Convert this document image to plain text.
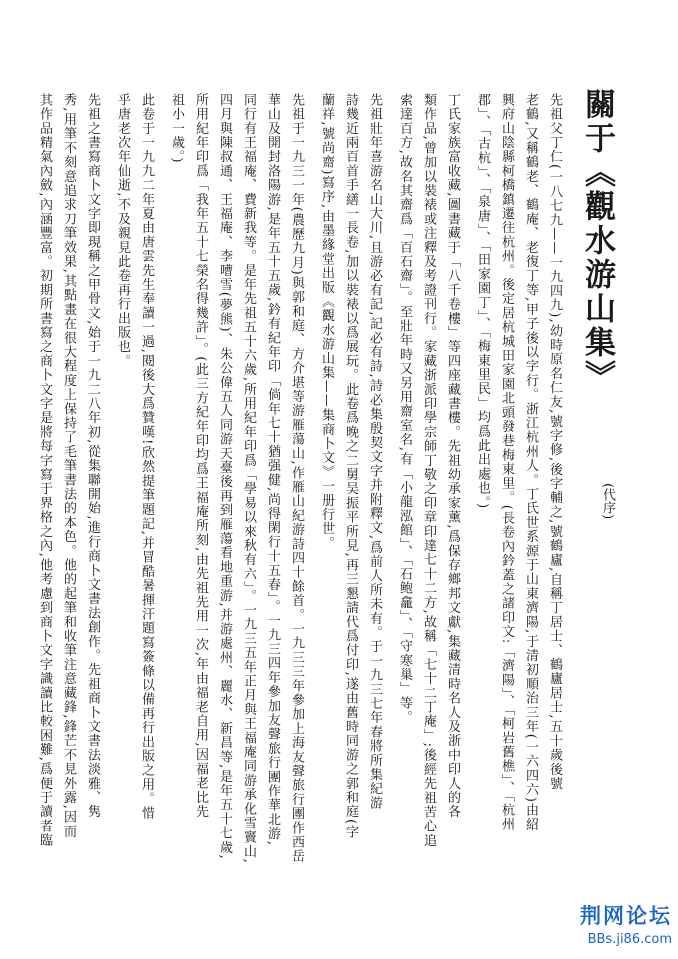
關于《觀水游山集》
(代序)
先祖父丁仁(一八七九——一九四九),幼時原名仁友,號字修,後字輔之,號鶴廬,自稱丁居士、鶴廬居士,五十歲後號
老鶴,又稱鶴老、鶴庵、老復丁等,甲子後以字行。浙江杭州人。丁氏世系源于山東濟陽,于清初順治三年(一六四六)由紹
興府山陰縣柯橋鎮遷往杭州。後定居杭城田家園北頭發巷梅東里。(長卷內鈐蓋之諸印文:「濟陽」、「柯岩舊樵」、「杭州
郡」、「古杭」、「泉唐」、「田家園丁」、「梅東里民」均爲此出處也。)
丁氏家族富收藏,圖書藏于「八千卷樓」等四座藏書樓。先祖幼承家薰,爲保存鄉邦文獻,集藏清時名人及浙中印人的各
類作品,曾加以裝裱或注釋及考證刊行。家藏浙派印學宗師丁敬之印章印達七十二方,故稱「七十二丁庵」;後經先祖苦心追
索達百方,故名其齋爲「百石齋」。至壯年時又另用齋室名,有「小龍泓館」、「石鲍龕」、「守寒巢」等。
先祖壯年喜游名山大川,且游必有記,記必有詩,詩必集殷契文字并附釋文,爲前人所未有。于一九三七年春將所集紀游
詩幾近兩百首手繕一長卷,加以裝裱以爲展玩。此卷爲晚之二舅吴振平所見,再三懇請代爲付印,遂由舊時同游之郭和庭(字
蘭祥,號尚齋)寫序,由墨緣堂出版《觀水游山集——集商卜文》一册行世。
先祖于一九三一年(農歷九月)與郭和庭、方介堪等游雁蕩山,作雁山紀游詩四十餘首。一九三三年參加上海友聲旅行團作西岳
華山及開封洛陽游,是年五十五歲,鈐有紀年印「倘年七十猶强健,尚得閑行十五春」。一九三四年參加友聲旅行團作華北游,
同行有王福庵、費新我等。是年先祖五十六歲,所用紀年印爲「學易以來秋有六」。一九三五年正月與王福庵同游承化雪竇山,
四月與陳叔通、王福庵、李嘈雪(夢熊)、朱公偉五人同游天臺後再到雁蕩看地重游,并游處州、麗水、新昌等,是年五十七歲,
所用紀年印爲「我年五十七榮名得幾許」。(此三方紀年印均爲王福庵所刻,由先祖先用一次,年由福老自用,因福老比先
祖小一歲。)
此卷于一九九二年夏由唐雲先生奉讀一過,閱後大爲贊嘆!欣然提筆題記,并冒酷暑揮汗題寫簽條以備再行出版之用。惜
乎唐老次年仙逝,不及親見此卷再行出版也。
先祖之書寫商卜文字即現稱之甲骨文,始于一九二八年初,從集聯開始,進行商卜文書法創作。先祖商卜文書法淡雅、隽
秀,用筆不刻意追求刀筆效果,其點畫在很大程度上保持了毛筆書法的本色。他的起筆和收筆注意藏鋒,鋒芒不見外露,因而
其作品精氣內斂,內涵豐富。初期所書寫之商卜文字是將每字寫于界格之內,他考慮到商卜文字識讀比較困難,爲便于讀者臨
荆网论坛
BBs.ji86.com
